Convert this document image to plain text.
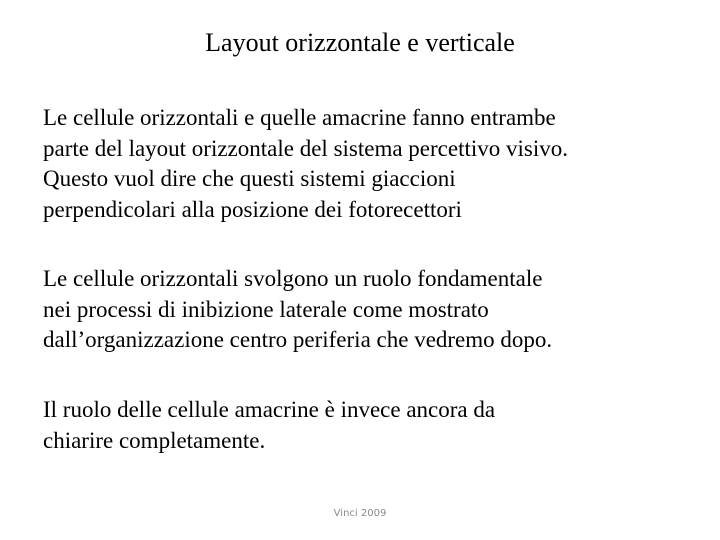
Layout orizzontale e verticale

Le cellule orizzontali e quelle amacrine fanno entrambe
parte del layout orizzontale del sistema percettivo visivo.
Questo vuol dire che questi sistemi giaccioni
perpendicolari alla posizione dei fotorecettori

Le cellule orizzontali svolgono un ruolo fondamentale
nei processi di inibizione laterale come mostrato
dall’organizzazione centro periferia che vedremo dopo.

Il ruolo delle cellule amacrine è invece ancora da
chiarire completamente.

Vinci 2009
